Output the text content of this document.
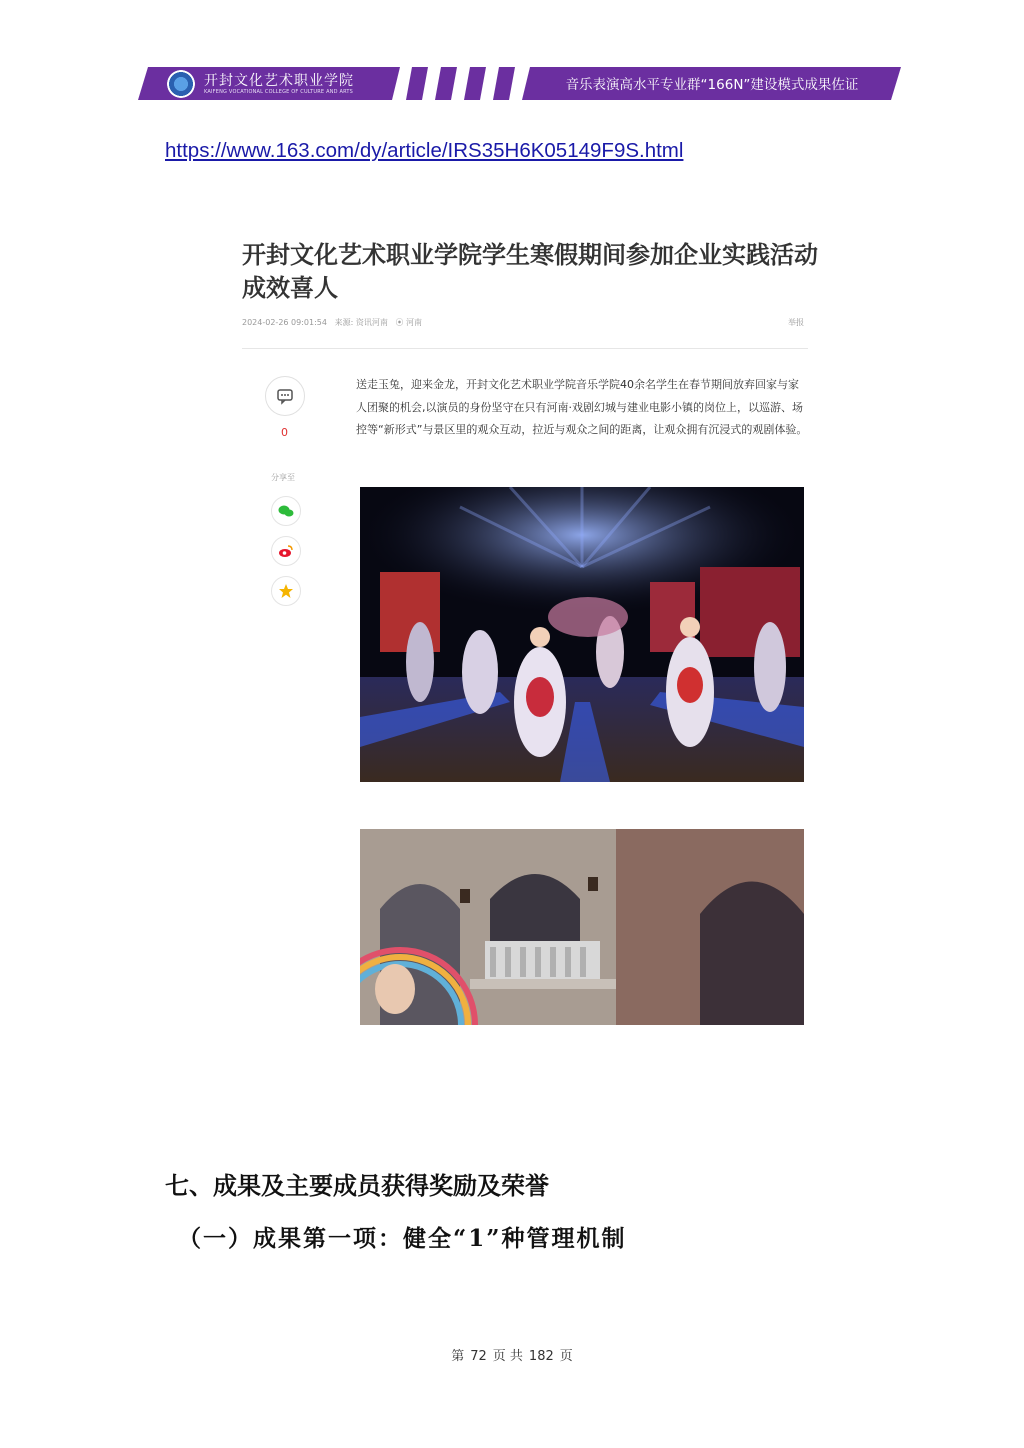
开封文化艺术职业学院
KAIFENG VOCATIONAL COLLEGE OF CULTURE AND ARTS	音乐表演高水平专业群“166N”建设模式成果佐证
https://www.163.com/dy/article/IRS35H6K05149F9S.html
开封文化艺术职业学院学生寒假期间参加企业实践活动成效喜人
2024-02-26 09:01:54 来源: 资讯河南 ⦿ 河南	举报
0
分享至
送走玉兔，迎来金龙，开封文化艺术职业学院音乐学院40余名学生在春节期间放弃回家与家人团聚的机会,以演员的身份坚守在只有河南·戏剧幻城与建业电影小镇的岗位上，以巡游、场控等“新形式”与景区里的观众互动，拉近与观众之间的距离，让观众拥有沉浸式的观剧体验。
七、成果及主要成员获得奖励及荣誉
（一）成果第一项：健全“1”种管理机制
第 72 页 共 182 页
